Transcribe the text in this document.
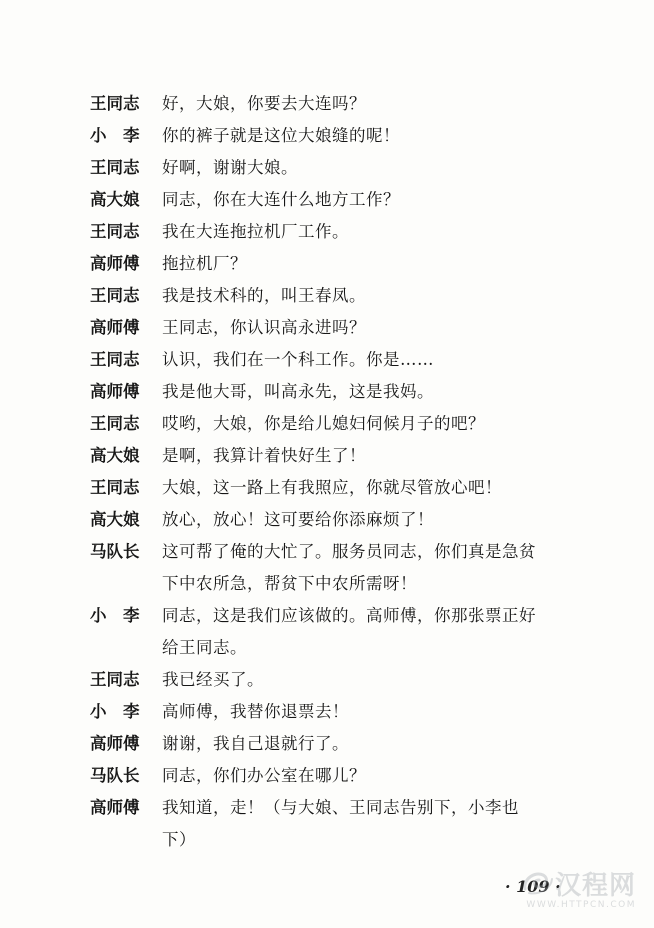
王同志	好，大娘，你要去大连吗？
小　李	你的裤子就是这位大娘缝的呢！
王同志	好啊，谢谢大娘。
高大娘	同志，你在大连什么地方工作？
王同志	我在大连拖拉机厂工作。
高师傅	拖拉机厂？
王同志	我是技术科的，叫王春凤。
高师傅	王同志，你认识高永进吗？
王同志	认识，我们在一个科工作。你是……
高师傅	我是他大哥，叫高永先，这是我妈。
王同志	哎哟，大娘，你是给儿媳妇伺候月子的吧？
高大娘	是啊，我算计着快好生了！
王同志	大娘，这一路上有我照应，你就尽管放心吧！
高大娘	放心，放心！这可要给你添麻烦了！
马队长	这可帮了俺的大忙了。服务员同志，你们真是急贫
下中农所急，帮贫下中农所需呀！
小　李	同志，这是我们应该做的。高师傅，你那张票正好
给王同志。
王同志	我已经买了。
小　李	高师傅，我替你退票去！
高师傅	谢谢，我自己退就行了。
马队长	同志，你们办公室在哪儿？
高师傅	我知道，走！（与大娘、王同志告别下，小李也
下）
· 109 ·
汉程网
WWW.HTTPCN.COM
